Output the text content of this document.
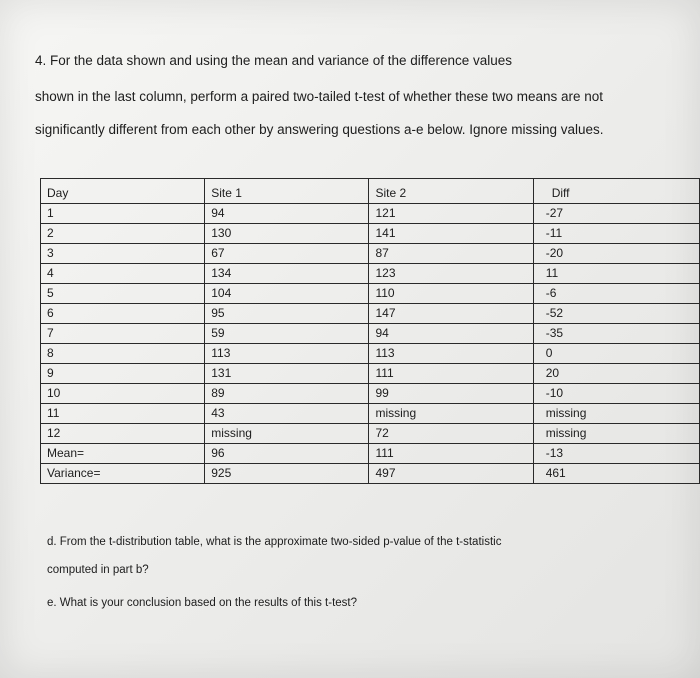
4. For the data shown and using the mean and variance of the difference values
shown in the last column, perform a paired two-tailed t-test of whether these two means are not
significantly different from each other by answering questions a-e below. Ignore missing values.
Day	Site 1	Site 2	Diff
1	94	121	-27
2	130	141	-11
3	67	87	-20
4	134	123	11
5	104	110	-6
6	95	147	-52
7	59	94	-35
8	113	113	0
9	131	111	20
10	89	99	-10
11	43	missing	missing
12	missing	72	missing
Mean=	96	111	-13
Variance=	925	497	461
d. From the t-distribution table, what is the approximate two-sided p-value of the t-statistic
computed in part b?
e. What is your conclusion based on the results of this t-test?
